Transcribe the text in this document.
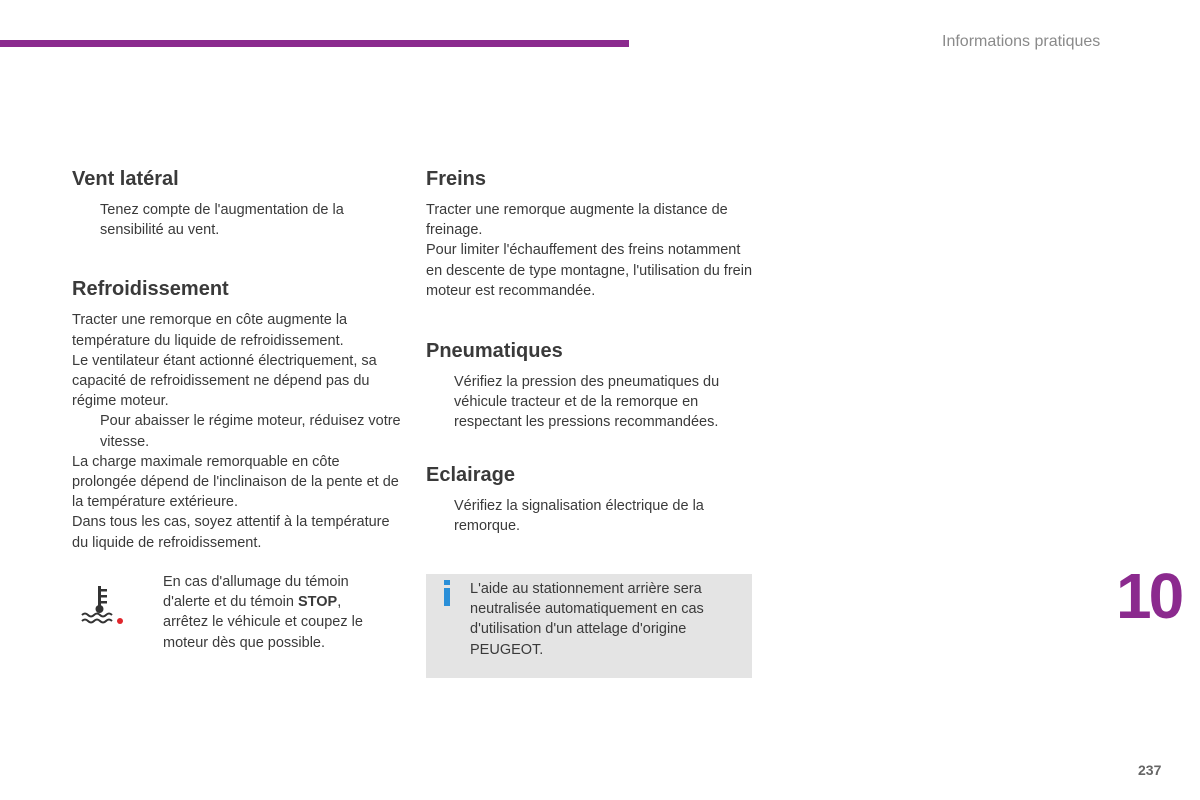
Informations pratiques
Vent latéral
Tenez compte de l'augmentation de la sensibilité au vent.
Refroidissement

Tracter une remorque en côte augmente la température du liquide de refroidissement.

Le ventilateur étant actionné électriquement, sa capacité de refroidissement ne dépend pas du régime moteur.

Pour abaisser le régime moteur, réduisez votre vitesse.

La charge maximale remorquable en côte prolongée dépend de l'inclinaison de la pente et de la température extérieure.

Dans tous les cas, soyez attentif à la température du liquide de refroidissement.

En cas d'allumage du témoin d'alerte et du témoin STOP, arrêtez le véhicule et coupez le moteur dès que possible.
Freins

Tracter une remorque augmente la distance de freinage.

Pour limiter l'échauffement des freins notamment en descente de type montagne, l'utilisation du frein moteur est recommandée.

Pneumatiques
Vérifiez la pression des pneumatiques du véhicule tracteur et de la remorque en respectant les pressions recommandées.
Eclairage
Vérifiez la signalisation électrique de la remorque.
L'aide au stationnement arrière sera neutralisée automatiquement en cas d'utilisation d'un attelage d'origine PEUGEOT.
10
237
